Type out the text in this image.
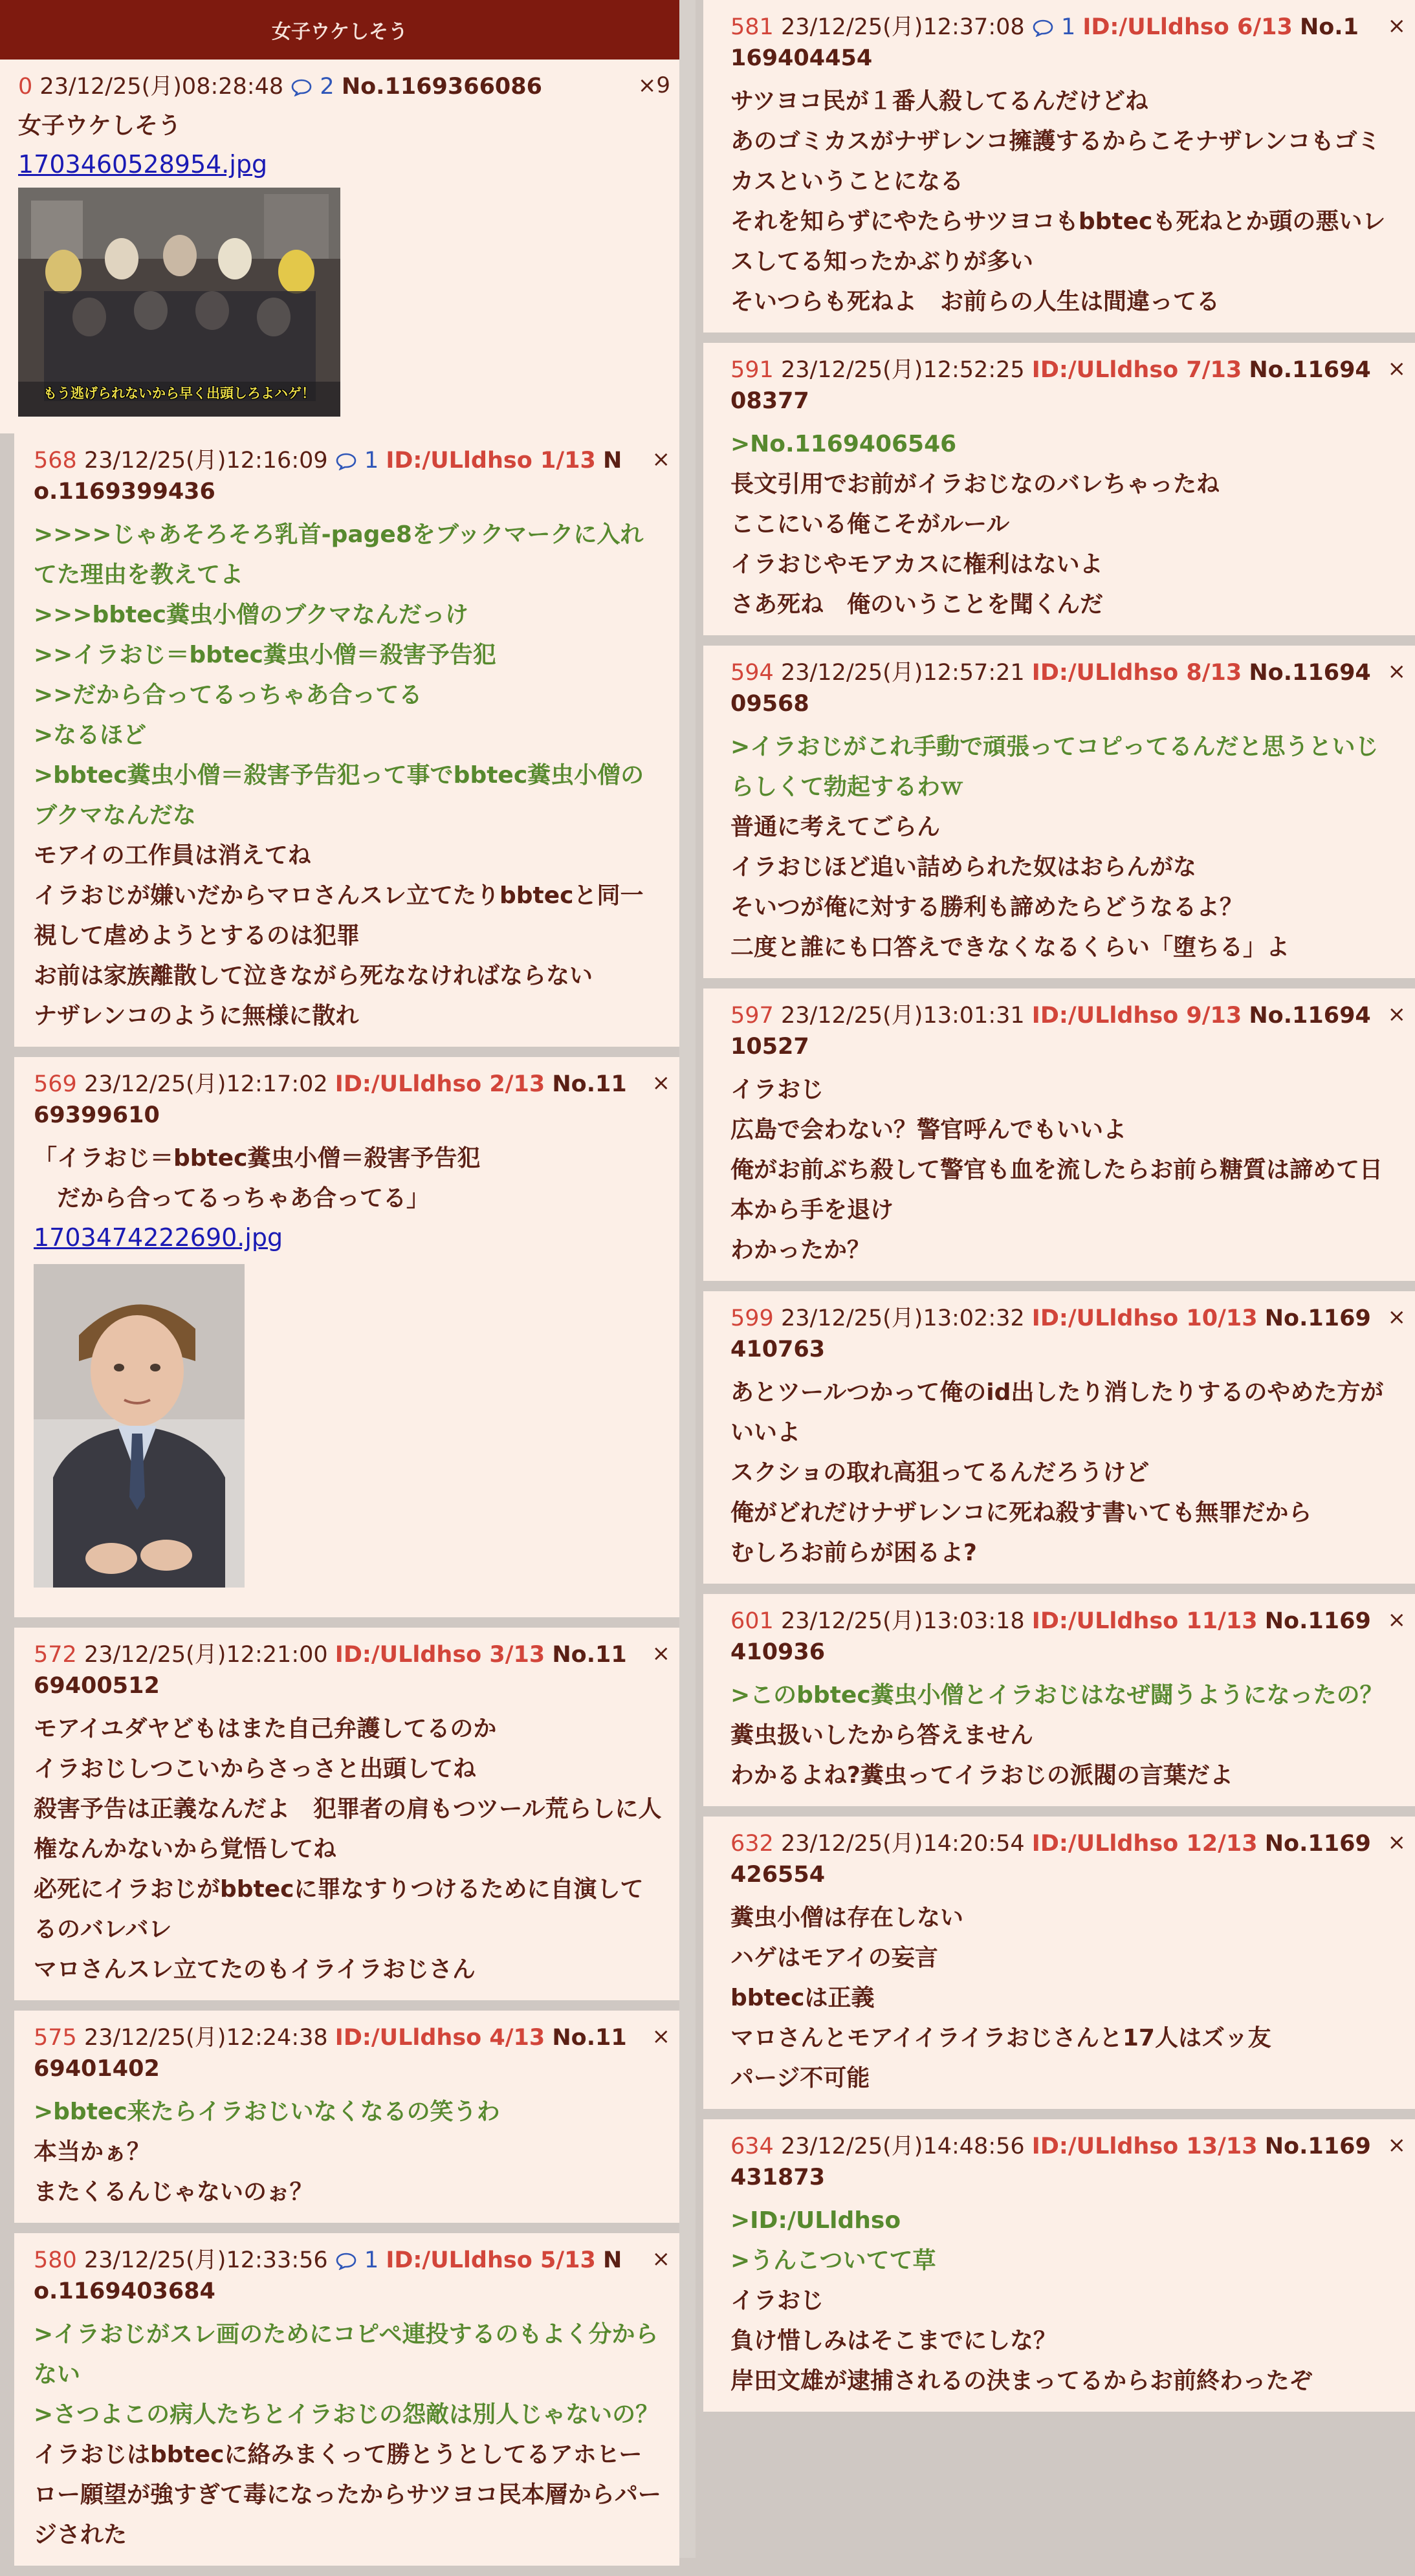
女子ウケしそう
0 23/12/25(月)08:28:48 2 No.1169366086	×9
女子ウケしそう
1703460528954.jpg
もう逃げられないから早く出頭しろよハゲ！
568 23/12/25(月)12:16:09 1 ID:/ULldhso 1/13 No.1169399436
×
>>>>じゃあそろそろ乳首-page8をブックマークに入れてた理由を教えてよ
>>>bbtec糞虫小僧のブクマなんだっけ
>>イラおじ＝bbtec糞虫小僧＝殺害予告犯
>>だから合ってるっちゃあ合ってる
>なるほど
>bbtec糞虫小僧＝殺害予告犯って事でbbtec糞虫小僧のブクマなんだな
モアイの工作員は消えてね
イラおじが嫌いだからマロさんスレ立てたりbbtecと同一視して虐めようとするのは犯罪
お前は家族離散して泣きながら死ななければならない
ナザレンコのように無様に散れ
569 23/12/25(月)12:17:02 ID:/ULldhso 2/13 No.1169399610
×
「イラおじ＝bbtec糞虫小僧＝殺害予告犯
　だから合ってるっちゃあ合ってる」
1703474222690.jpg
572 23/12/25(月)12:21:00 ID:/ULldhso 3/13 No.1169400512
×
モアイユダヤどもはまた自己弁護してるのか
イラおじしつこいからさっさと出頭してね
殺害予告は正義なんだよ　犯罪者の肩もつツール荒らしに人権なんかないから覚悟してね
必死にイラおじがbbtecに罪なすりつけるために自演してるのバレバレ
マロさんスレ立てたのもイライラおじさん
575 23/12/25(月)12:24:38 ID:/ULldhso 4/13 No.1169401402
×
>bbtec来たらイラおじいなくなるの笑うわ
本当かぁ？
またくるんじゃないのぉ？
580 23/12/25(月)12:33:56 1 ID:/ULldhso 5/13 No.1169403684
×
>イラおじがスレ画のためにコピペ連投するのもよく分からない
>さつよこの病人たちとイラおじの怨敵は別人じゃないの？
イラおじはbbtecに絡みまくって勝とうとしてるアホヒーロー願望が強すぎて毒になったからサツヨコ民本層からパージされた
581 23/12/25(月)12:37:08 1 ID:/ULldhso 6/13 No.1169404454
×
サツヨコ民が１番人殺してるんだけどね
あのゴミカスがナザレンコ擁護するからこそナザレンコもゴミカスということになる
それを知らずにやたらサツヨコもbbtecも死ねとか頭の悪いレスしてる知ったかぶりが多い
そいつらも死ねよ　お前らの人生は間違ってる
591 23/12/25(月)12:52:25 ID:/ULldhso 7/13 No.1169408377
×
>No.1169406546
長文引用でお前がイラおじなのバレちゃったね
ここにいる俺こそがルール
イラおじやモアカスに権利はないよ
さあ死ね　俺のいうことを聞くんだ
594 23/12/25(月)12:57:21 ID:/ULldhso 8/13 No.1169409568
×
>イラおじがこれ手動で頑張ってコピってるんだと思うといじらしくて勃起するわｗ
普通に考えてごらん
イラおじほど追い詰められた奴はおらんがな
そいつが俺に対する勝利も諦めたらどうなるよ？
二度と誰にも口答えできなくなるくらい「堕ちる」よ
597 23/12/25(月)13:01:31 ID:/ULldhso 9/13 No.1169410527
×
イラおじ
広島で会わない？警官呼んでもいいよ
俺がお前ぶち殺して警官も血を流したらお前ら糖質は諦めて日本から手を退け
わかったか？
599 23/12/25(月)13:02:32 ID:/ULldhso 10/13 No.1169410763
×
あとツールつかって俺のid出したり消したりするのやめた方がいいよ
スクショの取れ高狙ってるんだろうけど
俺がどれだけナザレンコに死ね殺す書いても無罪だから
むしろお前らが困るよ?
601 23/12/25(月)13:03:18 ID:/ULldhso 11/13 No.1169410936
×
>このbbtec糞虫小僧とイラおじはなぜ闘うようになったの？
糞虫扱いしたから答えません
わかるよね?糞虫ってイラおじの派閥の言葉だよ
632 23/12/25(月)14:20:54 ID:/ULldhso 12/13 No.1169426554
×
糞虫小僧は存在しない
ハゲはモアイの妄言
bbtecは正義
マロさんとモアイイライラおじさんと17人はズッ友
パージ不可能
634 23/12/25(月)14:48:56 ID:/ULldhso 13/13 No.1169431873
×
>ID:/ULldhso
>うんこついてて草
イラおじ
負け惜しみはそこまでにしな？
岸田文雄が逮捕されるの決まってるからお前終わったぞ
